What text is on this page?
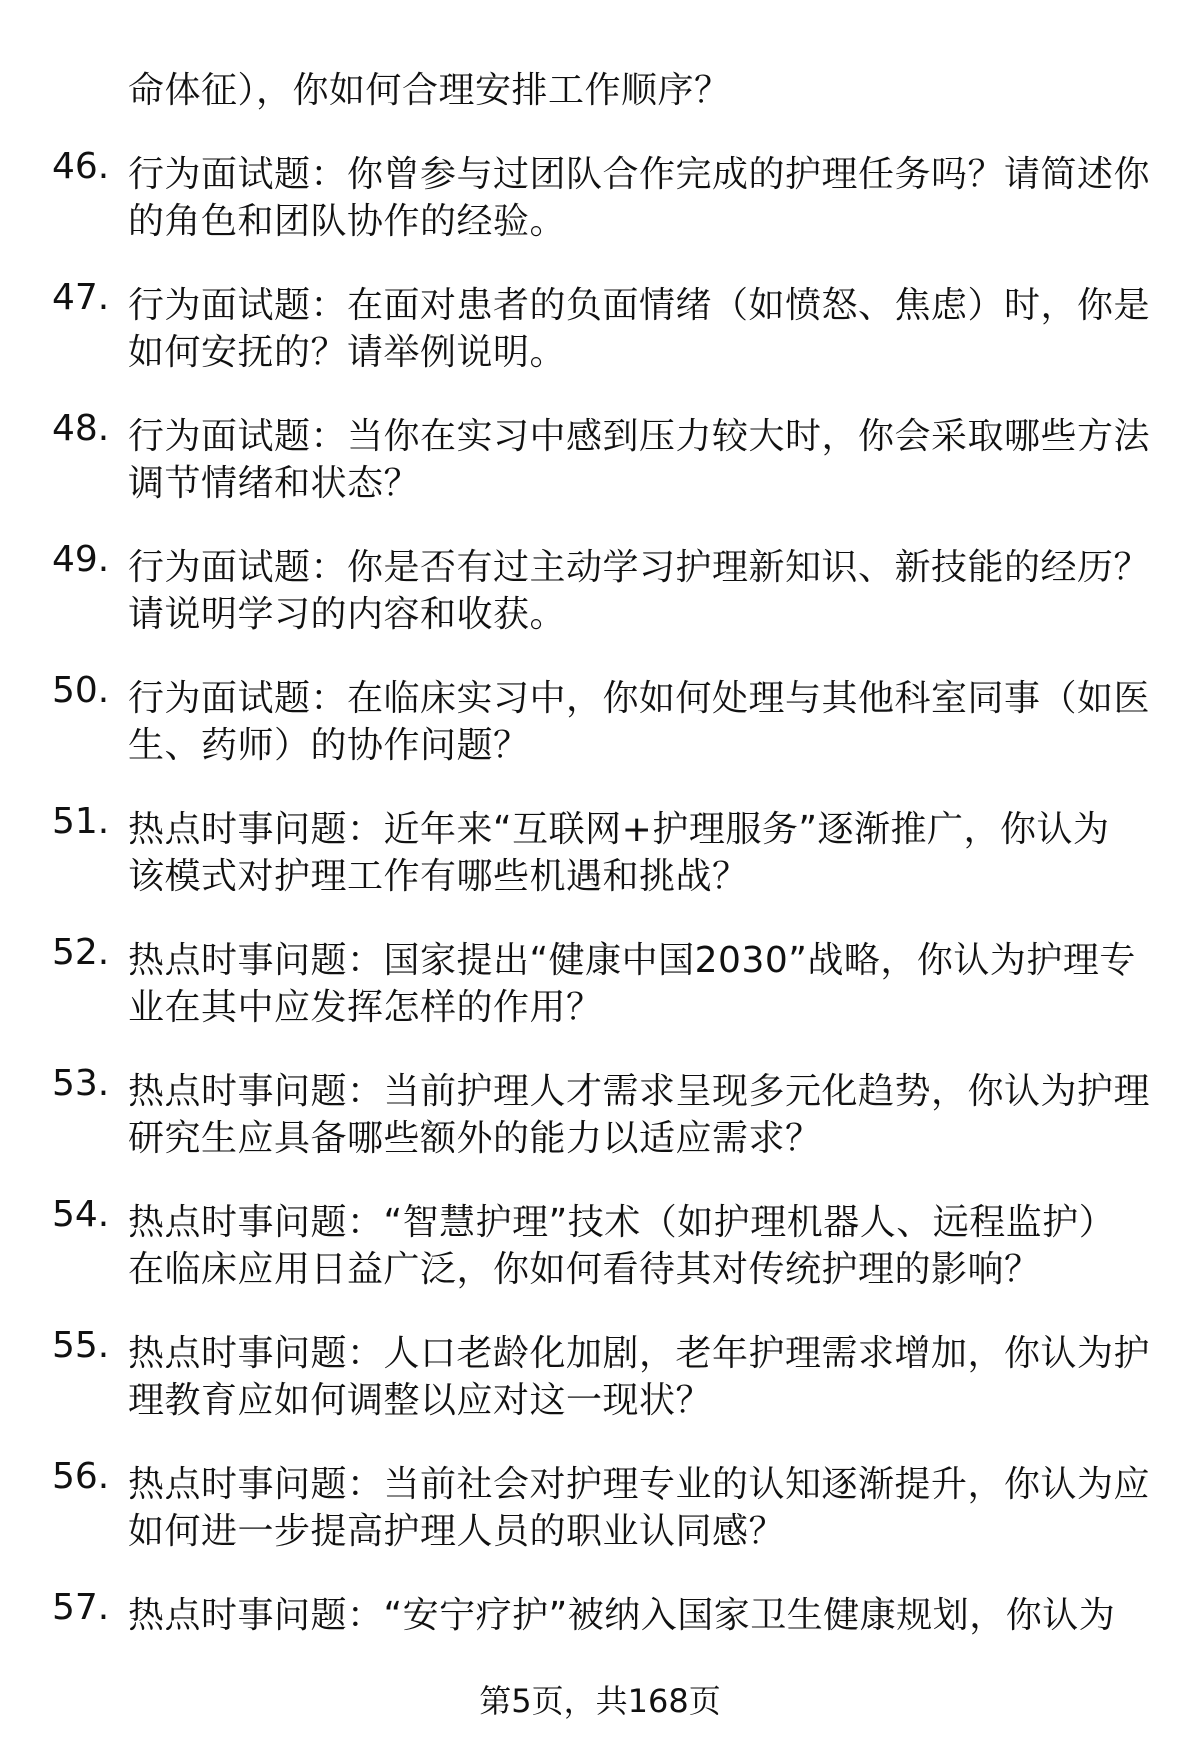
命体征），你如何合理安排工作顺序？
46. 行为面试题：你曾参与过团队合作完成的护理任务吗？请简述你
的角色和团队协作的经验。
47. 行为面试题：在面对患者的负面情绪（如愤怒、焦虑）时，你是
如何安抚的？请举例说明。
48. 行为面试题：当你在实习中感到压力较大时，你会采取哪些方法
调节情绪和状态？
49. 行为面试题：你是否有过主动学习护理新知识、新技能的经历？
请说明学习的内容和收获。
50. 行为面试题：在临床实习中，你如何处理与其他科室同事（如医
生、药师）的协作问题？
51. 热点时事问题：近年来“互联网+护理服务”逐渐推广，你认为
该模式对护理工作有哪些机遇和挑战？
52. 热点时事问题：国家提出“健康中国2030”战略，你认为护理专
业在其中应发挥怎样的作用？
53. 热点时事问题：当前护理人才需求呈现多元化趋势，你认为护理
研究生应具备哪些额外的能力以适应需求？
54. 热点时事问题：“智慧护理”技术（如护理机器人、远程监护）
在临床应用日益广泛，你如何看待其对传统护理的影响？
55. 热点时事问题：人口老龄化加剧，老年护理需求增加，你认为护
理教育应如何调整以应对这一现状？
56. 热点时事问题：当前社会对护理专业的认知逐渐提升，你认为应
如何进一步提高护理人员的职业认同感？
57. 热点时事问题：“安宁疗护”被纳入国家卫生健康规划，你认为
第5页，共168页
